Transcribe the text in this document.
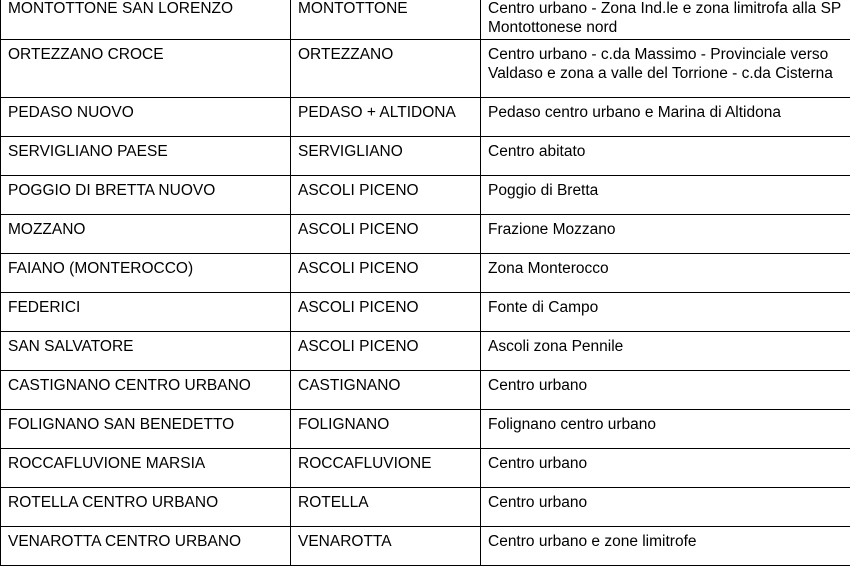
MONTOTTONE SAN LORENZO	MONTOTTONE	Centro urbano - Zona Ind.le e zona limitrofa alla SP Montottonese nord
ORTEZZANO CROCE	ORTEZZANO	Centro urbano - c.da Massimo - Provinciale verso Valdaso e zona a valle del Torrione - c.da Cisterna
PEDASO NUOVO	PEDASO + ALTIDONA	Pedaso centro urbano e Marina di Altidona
SERVIGLIANO PAESE	SERVIGLIANO	Centro abitato
POGGIO DI BRETTA NUOVO	ASCOLI PICENO	Poggio di Bretta
MOZZANO	ASCOLI PICENO	Frazione Mozzano
FAIANO (MONTEROCCO)	ASCOLI PICENO	Zona Monterocco
FEDERICI	ASCOLI PICENO	Fonte di Campo
SAN SALVATORE	ASCOLI PICENO	Ascoli zona Pennile
CASTIGNANO CENTRO URBANO	CASTIGNANO	Centro urbano
FOLIGNANO SAN BENEDETTO	FOLIGNANO	Folignano centro urbano
ROCCAFLUVIONE MARSIA	ROCCAFLUVIONE	Centro urbano
ROTELLA CENTRO URBANO	ROTELLA	Centro urbano
VENAROTTA CENTRO URBANO	VENAROTTA	Centro urbano e zone limitrofe
